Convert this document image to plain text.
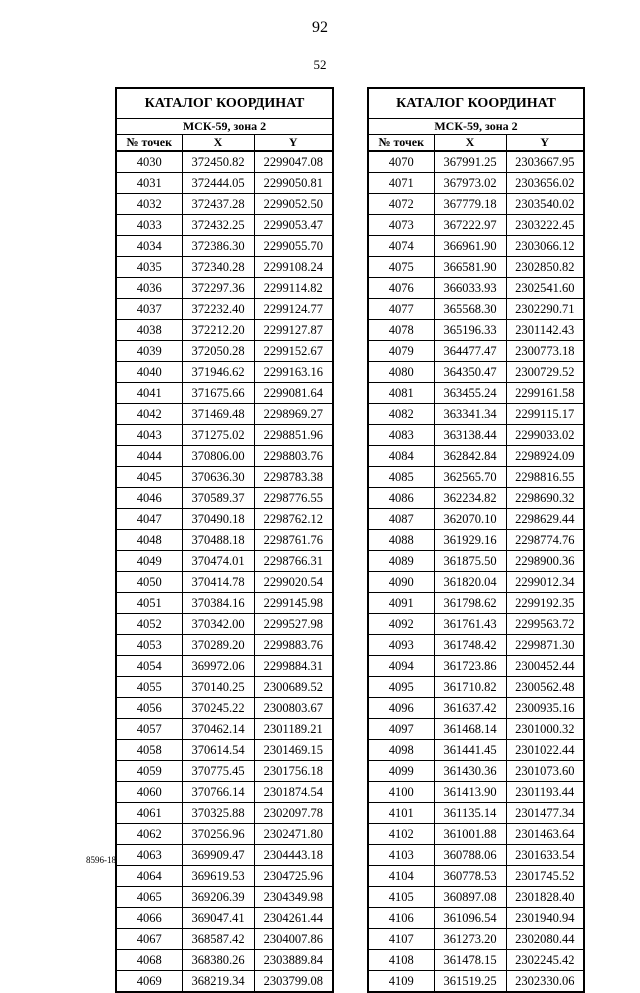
92
52
КАТАЛОГ КООРДИНАТ		
МСК-59, зона 2		
№ точек	X	Y
4030	372450.82	2299047.08
4031	372444.05	2299050.81
4032	372437.28	2299052.50
4033	372432.25	2299053.47
4034	372386.30	2299055.70
4035	372340.28	2299108.24
4036	372297.36	2299114.82
4037	372232.40	2299124.77
4038	372212.20	2299127.87
4039	372050.28	2299152.67
4040	371946.62	2299163.16
4041	371675.66	2299081.64
4042	371469.48	2298969.27
4043	371275.02	2298851.96
4044	370806.00	2298803.76
4045	370636.30	2298783.38
4046	370589.37	2298776.55
4047	370490.18	2298762.12
4048	370488.18	2298761.76
4049	370474.01	2298766.31
4050	370414.78	2299020.54
4051	370384.16	2299145.98
4052	370342.00	2299527.98
4053	370289.20	2299883.76
4054	369972.06	2299884.31
4055	370140.25	2300689.52
4056	370245.22	2300803.67
4057	370462.14	2301189.21
4058	370614.54	2301469.15
4059	370775.45	2301756.18
4060	370766.14	2301874.54
4061	370325.88	2302097.78
4062	370256.96	2302471.80
4063	369909.47	2304443.18
4064	369619.53	2304725.96
4065	369206.39	2304349.98
4066	369047.41	2304261.44
4067	368587.42	2304007.86
4068	368380.26	2303889.84
4069	368219.34	2303799.08
КАТАЛОГ КООРДИНАТ		
МСК-59, зона 2		
№ точек	X	Y
4070	367991.25	2303667.95
4071	367973.02	2303656.02
4072	367779.18	2303540.02
4073	367222.97	2303222.45
4074	366961.90	2303066.12
4075	366581.90	2302850.82
4076	366033.93	2302541.60
4077	365568.30	2302290.71
4078	365196.33	2301142.43
4079	364477.47	2300773.18
4080	364350.47	2300729.52
4081	363455.24	2299161.58
4082	363341.34	2299115.17
4083	363138.44	2299033.02
4084	362842.84	2298924.09
4085	362565.70	2298816.55
4086	362234.82	2298690.32
4087	362070.10	2298629.44
4088	361929.16	2298774.76
4089	361875.50	2298900.36
4090	361820.04	2299012.34
4091	361798.62	2299192.35
4092	361761.43	2299563.72
4093	361748.42	2299871.30
4094	361723.86	2300452.44
4095	361710.82	2300562.48
4096	361637.42	2300935.16
4097	361468.14	2301000.32
4098	361441.45	2301022.44
4099	361430.36	2301073.60
4100	361413.90	2301193.44
4101	361135.14	2301477.34
4102	361001.88	2301463.64
4103	360788.06	2301633.54
4104	360778.53	2301745.52
4105	360897.08	2301828.40
4106	361096.54	2301940.94
4107	361273.20	2302080.44
4108	361478.15	2302245.42
4109	361519.25	2302330.06
8596-18
